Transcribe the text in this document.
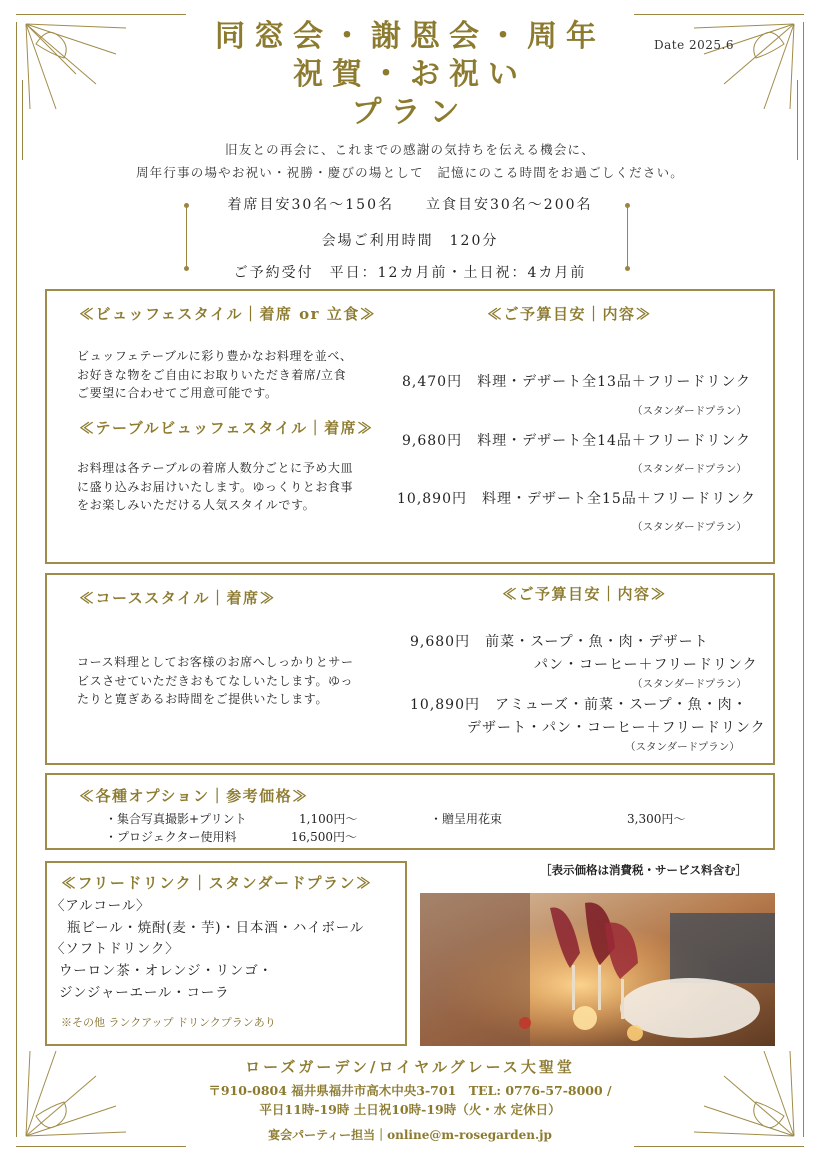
Date 2025.6
同窓会・謝恩会・周年
祝賀・お祝い
プラン
旧友との再会に、これまでの感謝の気持ちを伝える機会に、
周年行事の場やお祝い・祝勝・慶びの場として　記憶にのこる時間をお過ごしください。
着席目安30名～150名　　立食目安30名～200名
会場ご利用時間　120分
ご予約受付　平日：12カ月前・土日祝：4カ月前
≪ビュッフェスタイル｜着席 or 立食≫
ビュッフェテーブルに彩り豊かなお料理を並べ、
お好きな物をご自由にお取りいただき着席/立食
ご要望に合わせてご用意可能です。
≪テーブルビュッフェスタイル｜着席≫
お料理は各テーブルの着席人数分ごとに予め大皿
に盛り込みお届けいたします。ゆっくりとお食事
をお楽しみいただける人気スタイルです。
≪ご予算目安｜内容≫
8,470円　料理・デザート全13品＋フリードリンク
（スタンダードプラン）
9,680円　料理・デザート全14品＋フリードリンク
（スタンダードプラン）
10,890円　料理・デザート全15品＋フリードリンク
（スタンダードプラン）
≪コーススタイル｜着席≫
コース料理としてお客様のお席へしっかりとサー
ビスさせていただきおもてなしいたします。ゆっ
たりと寛ぎあるお時間をご提供いたします。
≪ご予算目安｜内容≫
9,680円　前菜・スープ・魚・肉・デザート
パン・コーヒー＋フリードリンク
（スタンダードプラン）
10,890円　アミューズ・前菜・スープ・魚・肉・
デザート・パン・コーヒー＋フリードリンク
（スタンダードプラン）
≪各種オプション｜参考価格≫
・集合写真撮影+プリント	1,100円～
・プロジェクター使用料	16,500円～
・贈呈用花束	3,300円～
≪フリードリンク｜スタンダードプラン≫
〈アルコール〉
瓶ビール・焼酎(麦・芋)・日本酒・ハイボール
〈ソフトドリンク〉
ウーロン茶・オレンジ・リンゴ・
ジンジャーエール・コーラ
※その他 ランクアップ ドリンクプランあり
［表示価格は消費税・サービス料含む］
ローズガーデン/ロイヤルグレース大聖堂
〒910-0804 福井県福井市高木中央3-701　TEL: 0776-57-8000 /
平日11時-19時 土日祝10時-19時（火・水 定休日）
宴会パーティー担当｜online@m-rosegarden.jp
